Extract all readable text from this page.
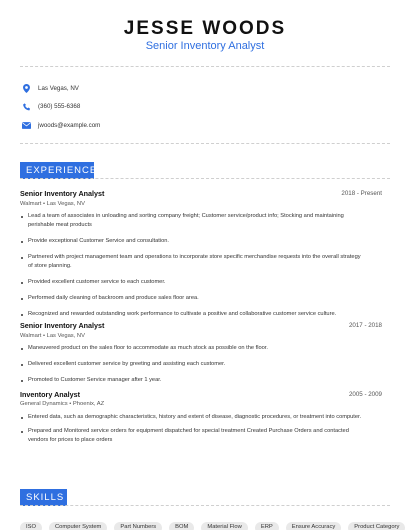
JESSE WOODS
Senior Inventory Analyst
Las Vegas, NV
(360) 555-6368
jwoods@example.com
EXPERIENCE
Senior Inventory Analyst	2018 - Present
Walmart • Las Vegas, NV
Lead a team of associates in unloading and sorting company freight; Customer service/product info; Stocking and maintaining perishable meat products
Provide exceptional Customer Service and consultation.
Partnered with project management team and operations to incorporate store specific merchandise requests into the overall strategy of store planning.
Provided excellent customer service to each customer.
Performed daily cleaning of backroom and produce sales floor area.
Recognized and rewarded outstanding work performance to cultivate a positive and collaborative customer service culture.
Senior Inventory Analyst	2017 - 2018
Walmart • Las Vegas, NV
Maneuvered product on the sales floor to accommodate as much stock as possible on the floor.
Delivered excellent customer service by greeting and assisting each customer.
Promoted to Customer Service manager after 1 year.
Inventory Analyst	2005 - 2009
General Dynamics • Phoenix, AZ
Entered data, such as demographic characteristics, history and extent of disease, diagnostic procedures, or treatment into computer.
Prepared and Monitored service orders for equipment dispatched for special treatment Created Purchase Orders and contacted vendors for prices to place orders
SKILLS
ISO	Computer System	Part Numbers	BOM	Material Flow	ERP	Ensure Accuracy	Product Category
